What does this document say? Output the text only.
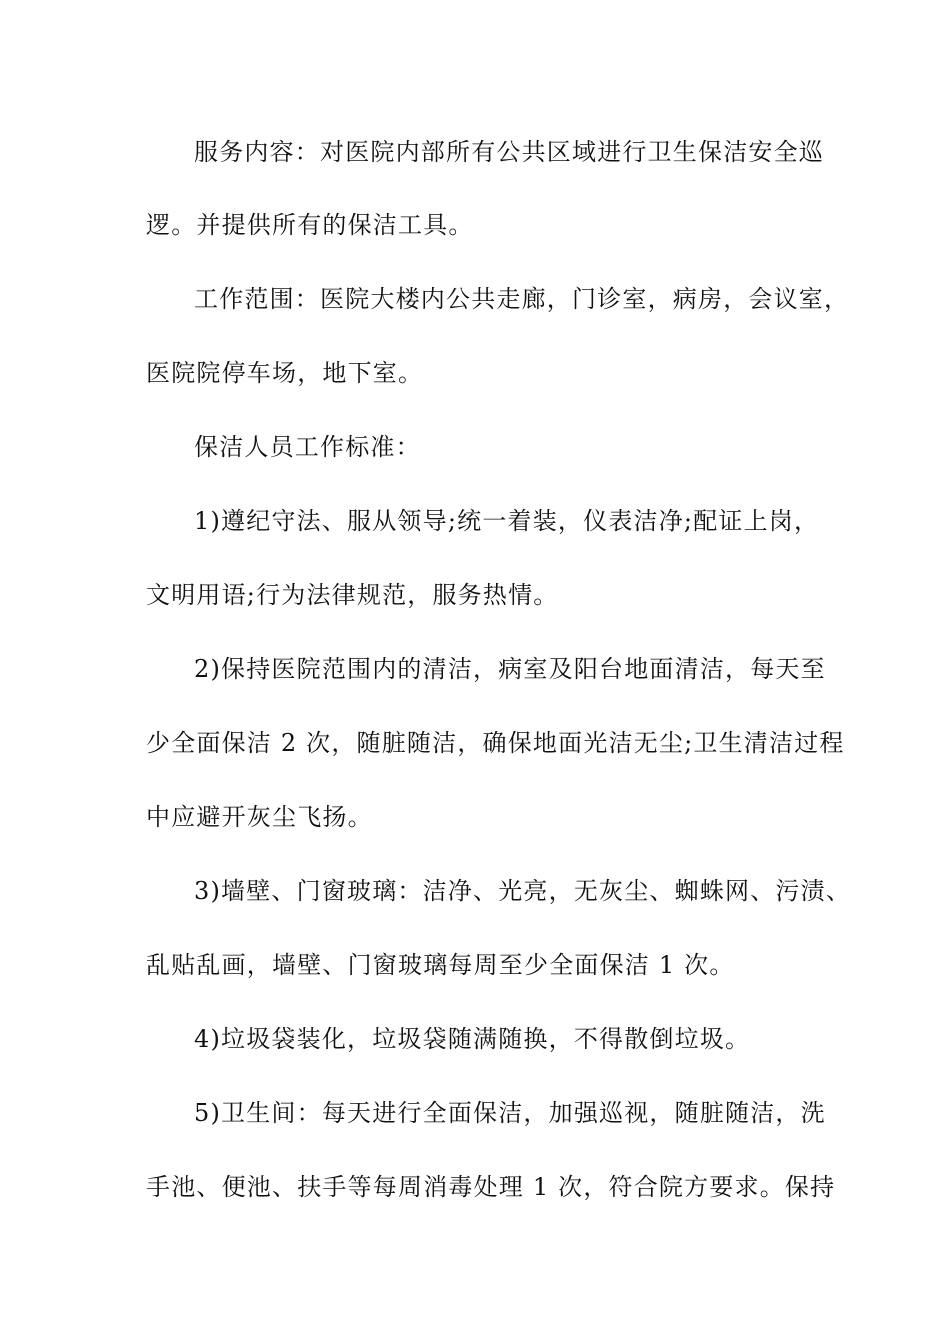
服务内容：对医院内部所有公共区域进行卫生保洁安全巡
逻。并提供所有的保洁工具。
工作范围：医院大楼内公共走廊，门诊室，病房，会议室，
医院院停车场，地下室。
保洁人员工作标准：
1)遵纪守法、服从领导;统一着装，仪表洁净;配证上岗，
文明用语;行为法律规范，服务热情。
2)保持医院范围内的清洁，病室及阳台地面清洁，每天至
少全面保洁 2 次，随脏随洁，确保地面光洁无尘;卫生清洁过程
中应避开灰尘飞扬。
3)墙壁、门窗玻璃：洁净、光亮，无灰尘、蜘蛛网、污渍、
乱贴乱画，墙壁、门窗玻璃每周至少全面保洁 1 次。
4)垃圾袋装化，垃圾袋随满随换，不得散倒垃圾。
5)卫生间：每天进行全面保洁，加强巡视，随脏随洁，洗
手池、便池、扶手等每周消毒处理 1 次，符合院方要求。保持
